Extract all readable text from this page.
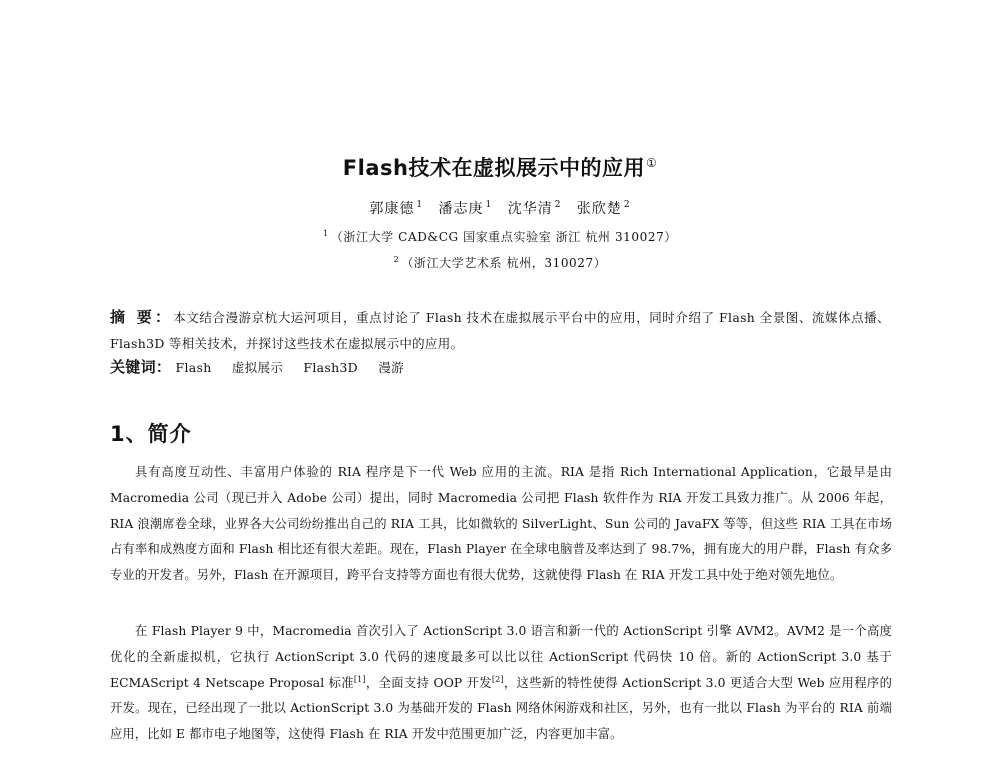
Flash技术在虚拟展示中的应用①
郭康德 $^1$ 潘志庚 $^1$ 沈华清 $^2$ 张欣楚 $^2$
$^1$ （浙江大学 CAD&CG 国家重点实验室 浙江 杭州 310027）
$^2$ （浙江大学艺术系 杭州，310027）
摘 要：本文结合漫游京杭大运河项目，重点讨论了 Flash 技术在虚拟展示平台中的应用，同时介绍了 Flash 全景图、流媒体点播、Flash3D 等相关技术，并探讨这些技术在虚拟展示中的应用。
关键词： Flash 虚拟展示 Flash3D 漫游
1、简介

具有高度互动性、丰富用户体验的 RIA 程序是下一代 Web 应用的主流。RIA 是指 Rich International Application，它最早是由 Macromedia 公司（现已并入 Adobe 公司）提出，同时 Macromedia 公司把 Flash 软件作为 RIA 开发工具致力推广。从 2006 年起，RIA 浪潮席卷全球，业界各大公司纷纷推出自己的 RIA 工具，比如微软的 SilverLight、Sun 公司的 JavaFX 等等，但这些 RIA 工具在市场占有率和成熟度方面和 Flash 相比还有很大差距。现在，Flash Player 在全球电脑普及率达到了 98.7%，拥有庞大的用户群，Flash 有众多专业的开发者。另外，Flash 在开源项目，跨平台支持等方面也有很大优势，这就使得 Flash 在 RIA 开发工具中处于绝对领先地位。

在 Flash Player 9 中，Macromedia 首次引入了 ActionScript 3.0 语言和新一代的 ActionScript 引擎 AVM2。AVM2 是一个高度优化的全新虚拟机，它执行 ActionScript 3.0 代码的速度最多可以比以往 ActionScript 代码快 10 倍。新的 ActionScript 3.0 基于 ECMAScript 4 Netscape Proposal 标准[1]，全面支持 OOP 开发[2]，这些新的特性使得 ActionScript 3.0 更适合大型 Web 应用程序的开发。现在，已经出现了一批以 ActionScript 3.0 为基础开发的 Flash 网络休闲游戏和社区，另外，也有一批以 Flash 为平台的 RIA 前端应用，比如 E 都市电子地图等，这使得 Flash 在 RIA 开发中范围更加广泛，内容更加丰富。
